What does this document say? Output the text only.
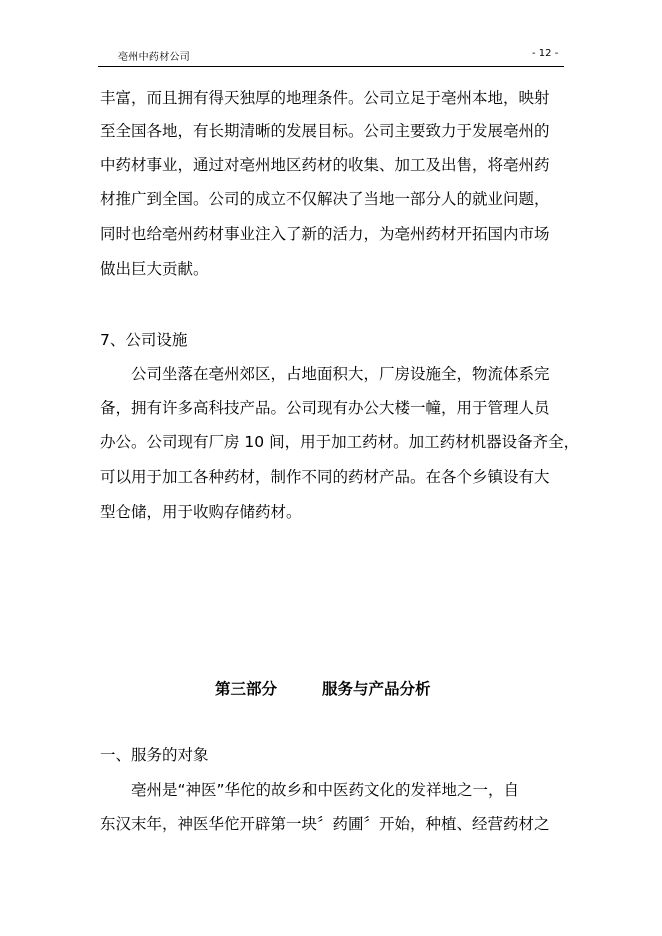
亳州中药材公司	- 12 -
丰富，而且拥有得天独厚的地理条件。公司立足于亳州本地，映射
至全国各地，有长期清晰的发展目标。公司主要致力于发展亳州的
中药材事业，通过对亳州地区药材的收集、加工及出售，将亳州药
材推广到全国。公司的成立不仅解决了当地一部分人的就业问题，
同时也给亳州药材事业注入了新的活力，为亳州药材开拓国内市场
做出巨大贡献。
7、公司设施
公司坐落在亳州郊区，占地面积大，厂房设施全，物流体系完
备，拥有许多高科技产品。公司现有办公大楼一幢，用于管理人员
办公。公司现有厂房 10 间，用于加工药材。加工药材机器设备齐全，
可以用于加工各种药材，制作不同的药材产品。在各个乡镇设有大
型仓储，用于收购存储药材。
第三部分	服务与产品分析
一、服务的对象
亳州是“神医”华佗的故乡和中医药文化的发祥地之一，自
东汉末年，神医华佗开辟第一块〞药圃〞开始，种植、经营药材之
